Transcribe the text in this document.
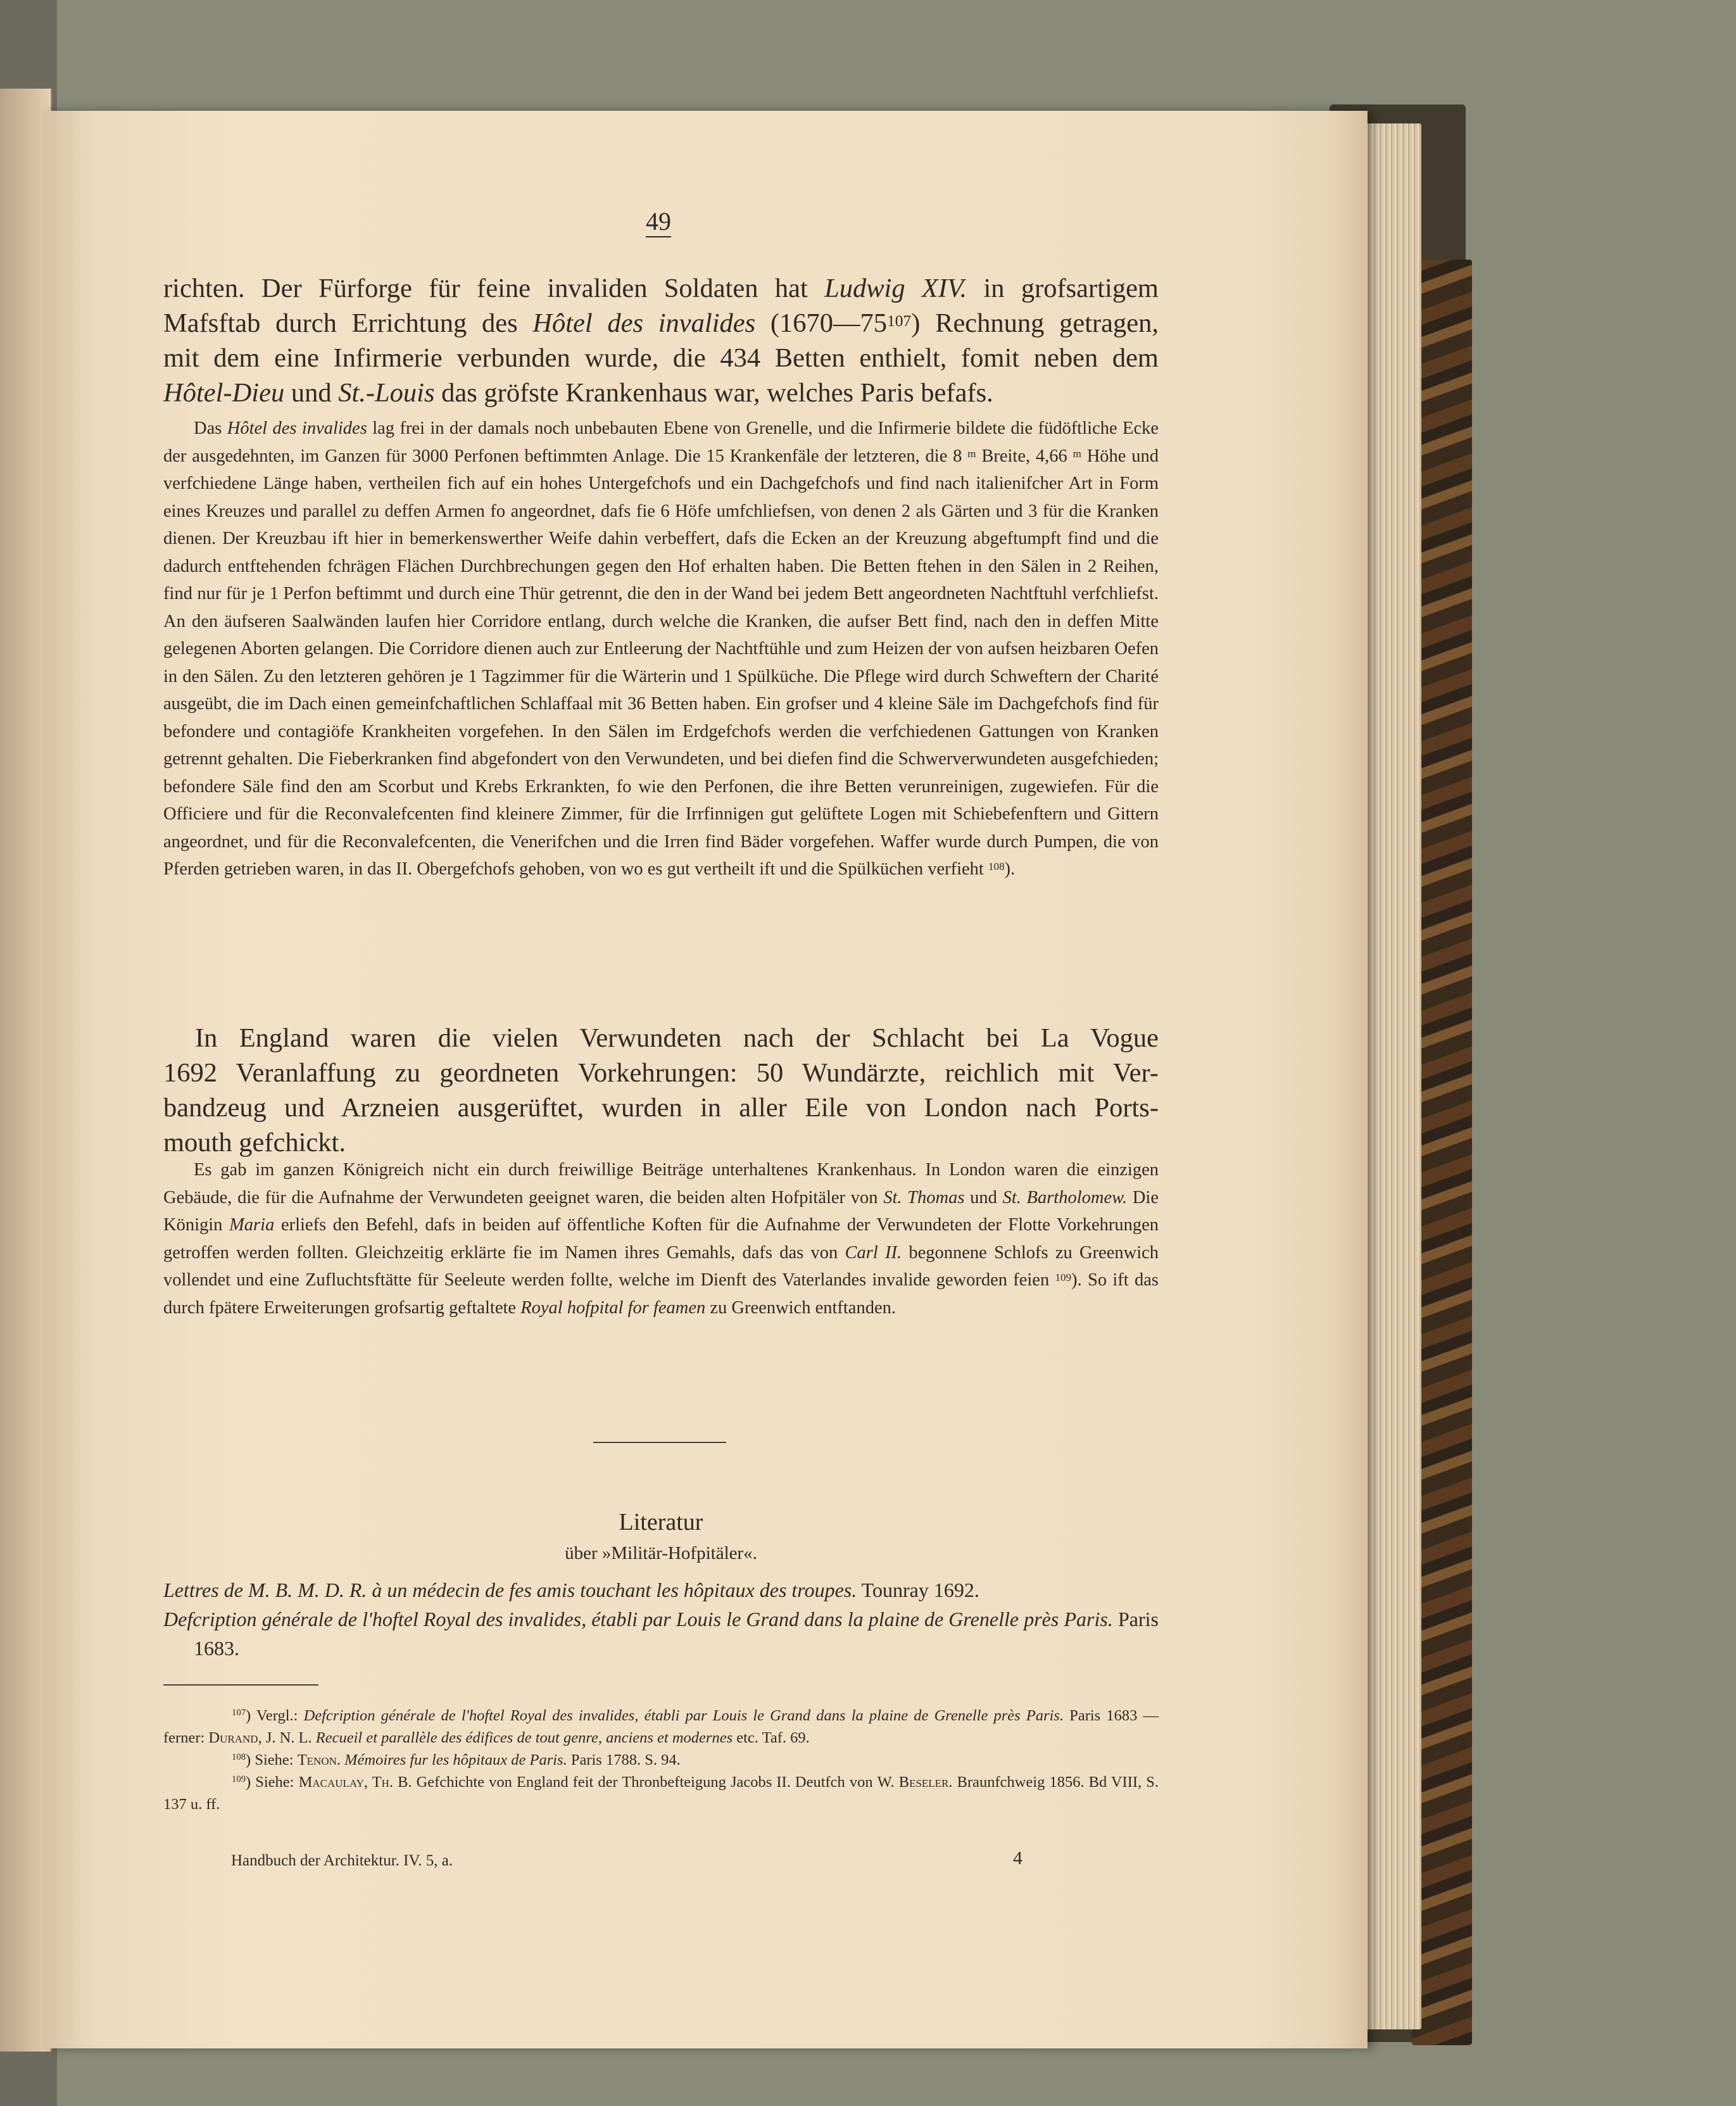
49
richten. Der Fürforge für feine invaliden Soldaten hat Ludwig XIV. in grofsartigem
Mafsftab durch Errichtung des Hôtel des invalides $(1670—75^{107})$ Rechnung getragen,
mit dem eine Infirmerie verbunden wurde, die 434 Betten enthielt, fomit neben dem
Hôtel-Dieu und St.-Louis das gröfste Krankenhaus war, welches Paris befafs.

Das Hôtel des invalides lag frei in der damals noch unbebauten Ebene von Grenelle, und die Infirmerie bildete die füdöftliche Ecke der ausgedehnten, im Ganzen für 3000 Perfonen beftimmten Anlage. Die 15 Krankenfäle der letzteren, die 8 $^m$ Breite, 4,66 $^m$ Höhe und verfchiedene Länge haben, vertheilen fich auf ein hohes Untergefchofs und ein Dachgefchofs und find nach italienifcher Art in Form eines Kreuzes und parallel zu deffen Armen fo angeordnet, dafs fie 6 Höfe umfchliefsen, von denen 2 als Gärten und 3 für die Kranken dienen. Der Kreuzbau ift hier in bemerkenswerther Weife dahin verbeffert, dafs die Ecken an der Kreuzung abgeftumpft find und die dadurch entftehenden fchrägen Flächen Durchbrechungen gegen den Hof erhalten haben. Die Betten ftehen in den Sälen in 2 Reihen, find nur für je 1 Perfon beftimmt und durch eine Thür getrennt, die den in der Wand bei jedem Bett angeordneten Nachtftuhl verfchliefst. An den äufseren Saalwänden laufen hier Corridore entlang, durch welche die Kranken, die aufser Bett find, nach den in deffen Mitte gelegenen Aborten gelangen. Die Corridore dienen auch zur Entleerung der Nachtftühle und zum Heizen der von aufsen heizbaren Oefen in den Sälen. Zu den letzteren gehören je 1 Tagzimmer für die Wärterin und 1 Spülküche. Die Pflege wird durch Schweftern der Charité ausgeübt, die im Dach einen gemeinfchaftlichen Schlaffaal mit 36 Betten haben. Ein grofser und 4 kleine Säle im Dachgefchofs find für befondere und contagiöfe Krankheiten vorgefehen. In den Sälen im Erdgefchofs werden die verfchiedenen Gattungen von Kranken getrennt gehalten. Die Fieberkranken find abgefondert von den Verwundeten, und bei diefen find die Schwerverwundeten ausgefchieden; befondere Säle find den am Scorbut und Krebs Erkrankten, fo wie den Perfonen, die ihre Betten verunreinigen, zugewiefen. Für die Officiere und für die Reconvalefcenten find kleinere Zimmer, für die Irrfinnigen gut gelüftete Logen mit Schiebefenftern und Gittern angeordnet, und für die Reconvalefcenten, die Venerifchen und die Irren find Bäder vorgefehen. Waffer wurde durch Pumpen, die von Pferden getrieben waren, in das II. Obergefchofs gehoben, von wo es gut vertheilt ift und die Spülküchen verfieht $^{108}$).

In England waren die vielen Verwundeten nach der Schlacht bei La Vogue
1692 Veranlaffung zu geordneten Vorkehrungen: 50 Wundärzte, reichlich mit Ver-
bandzeug und Arzneien ausgerüftet, wurden in aller Eile von London nach Ports-
mouth gefchickt.

Es gab im ganzen Königreich nicht ein durch freiwillige Beiträge unterhaltenes Krankenhaus. In London waren die einzigen Gebäude, die für die Aufnahme der Verwundeten geeignet waren, die beiden alten Hofpitäler von St. Thomas und St. Bartholomew. Die Königin Maria erliefs den Befehl, dafs in beiden auf öffentliche Koften für die Aufnahme der Verwundeten der Flotte Vorkehrungen getroffen werden follten. Gleichzeitig erklärte fie im Namen ihres Gemahls, dafs das von Carl II. begonnene Schlofs zu Greenwich vollendet und eine Zufluchtsftätte für Seeleute werden follte, welche im Dienft des Vaterlandes invalide geworden feien $^{109}$). So ift das durch fpätere Erweiterungen grofsartig geftaltete Royal hofpital for feamen zu Greenwich entftanden.

Literatur
über »Militär-Hofpitäler«.

Lettres de M. B. M. D. R. à un médecin de fes amis touchant les hôpitaux des troupes. Tounray 1692.

Defcription générale de l'hoftel Royal des invalides, établi par Louis le Grand dans la plaine de Grenelle près Paris. Paris 1683.

$^{107}$) Vergl.: Defcription générale de l'hoftel Royal des invalides, établi par Louis le Grand dans la plaine de Grenelle près Paris. Paris 1683 — ferner: Durand, J. N. L. Recueil et parallèle des édifices de tout genre, anciens et modernes etc. Taf. 69.

$^{108}$) Siehe: Tenon. Mémoires fur les hôpitaux de Paris. Paris 1788. S. 94.

$^{109}$) Siehe: Macaulay, Th. B. Gefchichte von England feit der Thronbefteigung Jacobs II. Deutfch von W. Beseler. Braunfchweig 1856. Bd VIII, S. 137 u. ff.

Handbuch der Architektur. IV. 5, a.	4
